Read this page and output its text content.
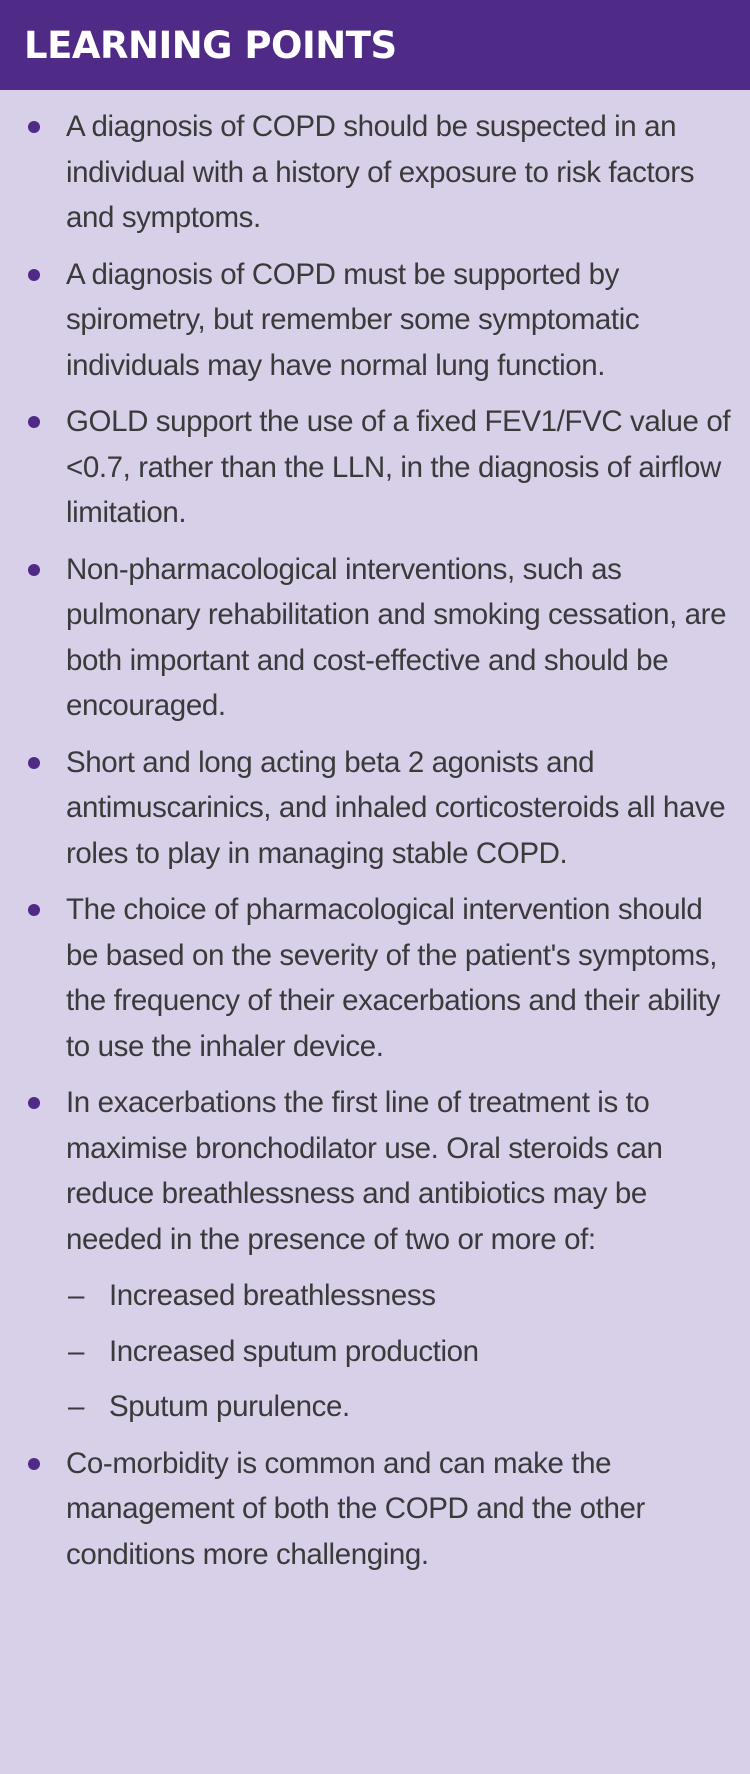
LEARNING POINTS
A diagnosis of COPD should be suspected in an individual with a history of exposure to risk factors and symptoms.
A diagnosis of COPD must be supported by spirometry, but remember some symptomatic individuals may have normal lung function.
GOLD support the use of a fixed FEV1/FVC value of <0.7, rather than the LLN, in the diagnosis of airflow limitation.
Non-pharmacological interventions, such as pulmonary rehabilitation and smoking cessation, are both important and cost-effective and should be encouraged.
Short and long acting beta 2 agonists and antimuscarinics, and inhaled corticosteroids all have roles to play in managing stable COPD.
The choice of pharmacological intervention should be based on the severity of the patient's symptoms, the frequency of their exacerbations and their ability to use the inhaler device.
In exacerbations the first line of treatment is to maximise bronchodilator use. Oral steroids can reduce breathlessness and antibiotics may be needed in the presence of two or more of:
– Increased breathlessness
– Increased sputum production
– Sputum purulence.
Co-morbidity is common and can make the management of both the COPD and the other conditions more challenging.
